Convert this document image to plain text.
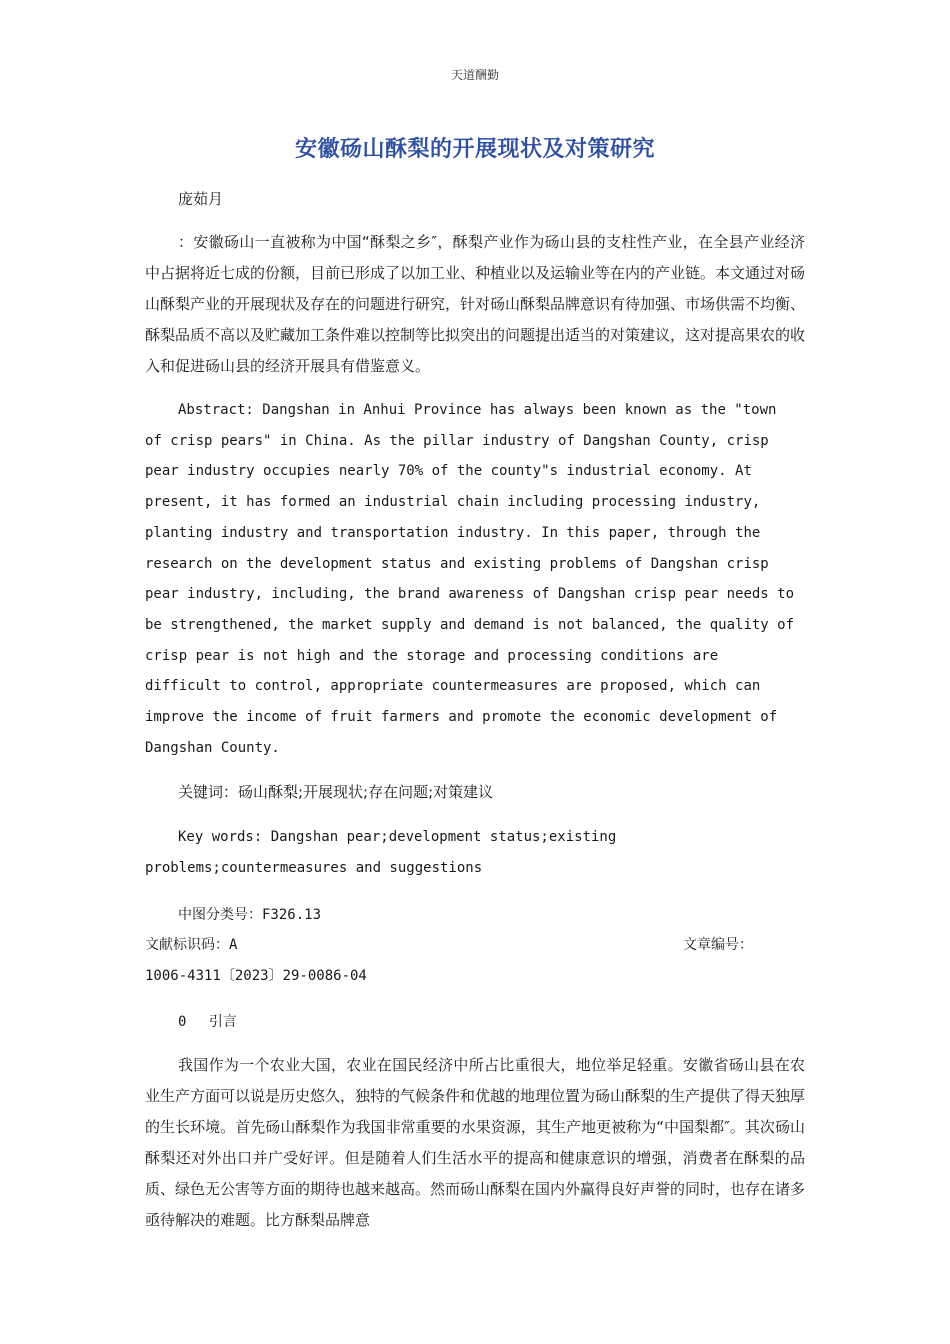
天道酬勤
安徽砀山酥梨的开展现状及对策研究
庞茹月
：安徽砀山一直被称为中国“酥梨之乡″，酥梨产业作为砀山县的支柱性产业，在全县产业经济中占据将近七成的份额，目前已形成了以加工业、种植业以及运输业等在内的产业链。本文通过对砀山酥梨产业的开展现状及存在的问题进行研究，针对砀山酥梨品牌意识有待加强、市场供需不均衡、酥梨品质不高以及贮藏加工条件难以控制等比拟突出的问题提出适当的对策建议，这对提高果农的收入和促进砀山县的经济开展具有借鉴意义。
Abstract: Dangshan in Anhui Province has always been known as the "town of crisp pears" in China. As the pillar industry of Dangshan County, crisp pear industry occupies nearly 70% of the county"s industrial economy. At present, it has formed an industrial chain including processing industry, planting industry and transportation industry. In this paper, through the research on the development status and existing problems of Dangshan crisp pear industry, including, the brand awareness of Dangshan crisp pear needs to be strengthened, the market supply and demand is not balanced, the quality of crisp pear is not high and the storage and processing conditions are difficult to control, appropriate countermeasures are proposed, which can improve the income of fruit farmers and promote the economic development of Dangshan County.
关键词：砀山酥梨;开展现状;存在问题;对策建议
Key words: Dangshan pear;development status;existing problems;countermeasures and suggestions
中图分类号：F326.13
文献标识码：A	文章编号：
1006-4311〔2023〕29-0086-04
0　 引言
我国作为一个农业大国，农业在国民经济中所占比重很大，地位举足轻重。安徽省砀山县在农业生产方面可以说是历史悠久，独特的气候条件和优越的地理位置为砀山酥梨的生产提供了得天独厚的生长环境。首先砀山酥梨作为我国非常重要的水果资源，其生产地更被称为“中国梨都″。其次砀山酥梨还对外出口并广受好评。但是随着人们生活水平的提高和健康意识的增强，消费者在酥梨的品质、绿色无公害等方面的期待也越来越高。然而砀山酥梨在国内外赢得良好声誉的同时，也存在诸多亟待解决的难题。比方酥梨品牌意
